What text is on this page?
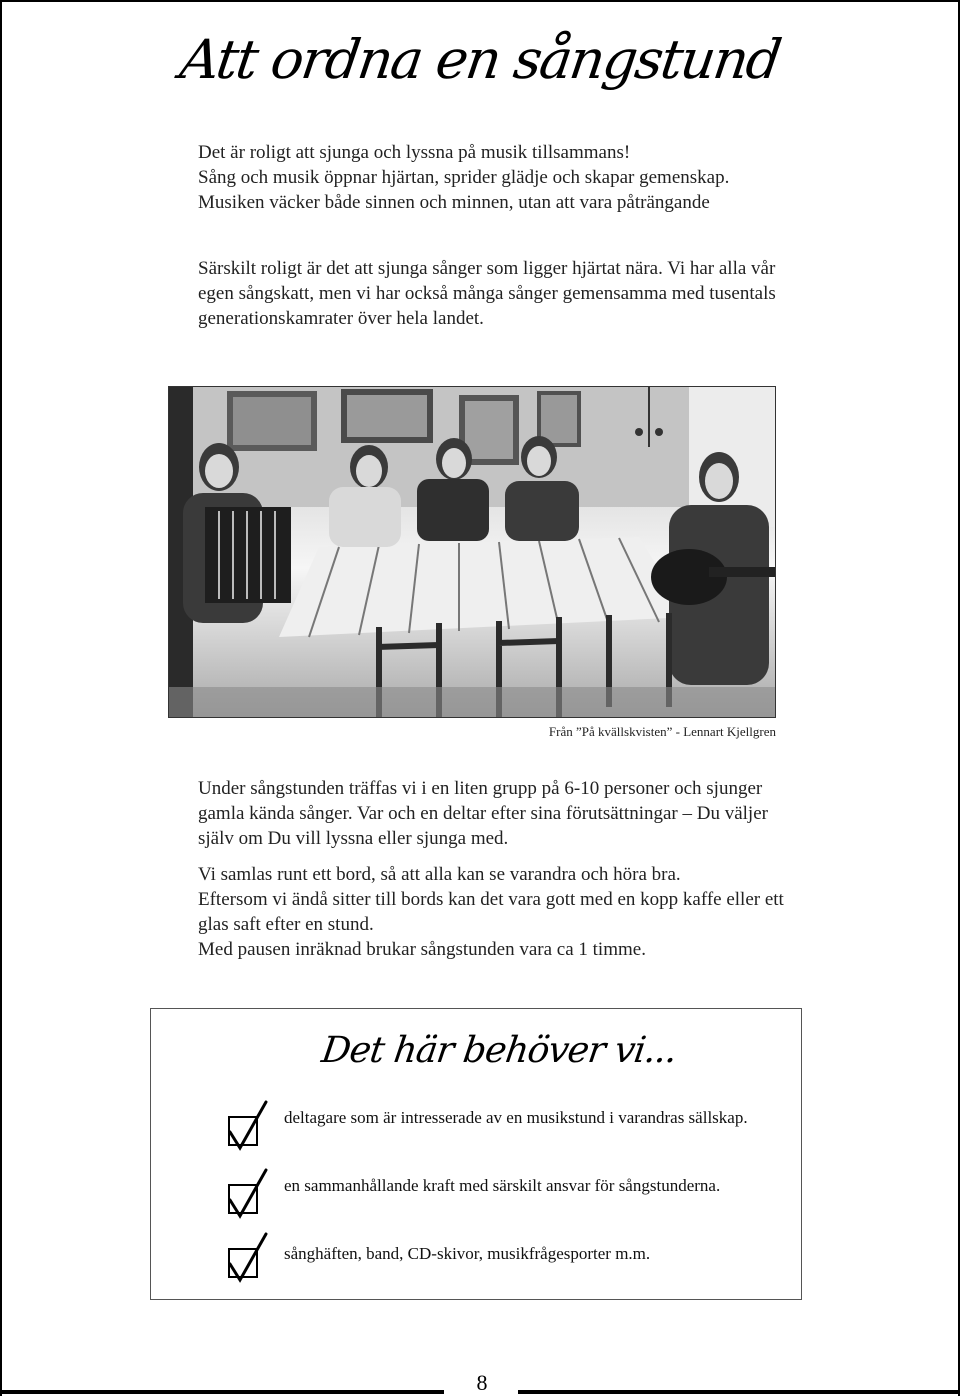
Att ordna en sångstund

Det är roligt att sjunga och lyssna på musik tillsammans!
Sång och musik öppnar hjärtan, sprider glädje och skapar gemenskap. Musiken väcker både sinnen och minnen, utan att vara påträngande

Särskilt roligt är det att sjunga sånger som ligger hjärtat nära. Vi har alla vår egen sångskatt, men vi har också många sånger gemensamma med tusentals generationskamrater över hela landet.

Från ”På kvällskvisten” - Lennart Kjellgren

Under sångstunden träffas vi i en liten grupp på 6-10 personer och sjunger gamla kända sånger. Var och en deltar efter sina förutsättningar – Du väljer själv om Du vill lyssna eller sjunga med.

Vi samlas runt ett bord, så att alla kan se varandra och höra bra.
Eftersom vi ändå sitter till bords kan det vara gott med en kopp kaffe eller ett glas saft efter en stund.
Med pausen inräknad brukar sångstunden vara ca 1 timme.

Det här behöver vi...

deltagare som är intresserade av en musikstund i varandras sällskap.

en sammanhållande kraft med särskilt ansvar för sångstunderna.

sånghäften, band, CD-skivor, musikfrågesporter m.m.

8
